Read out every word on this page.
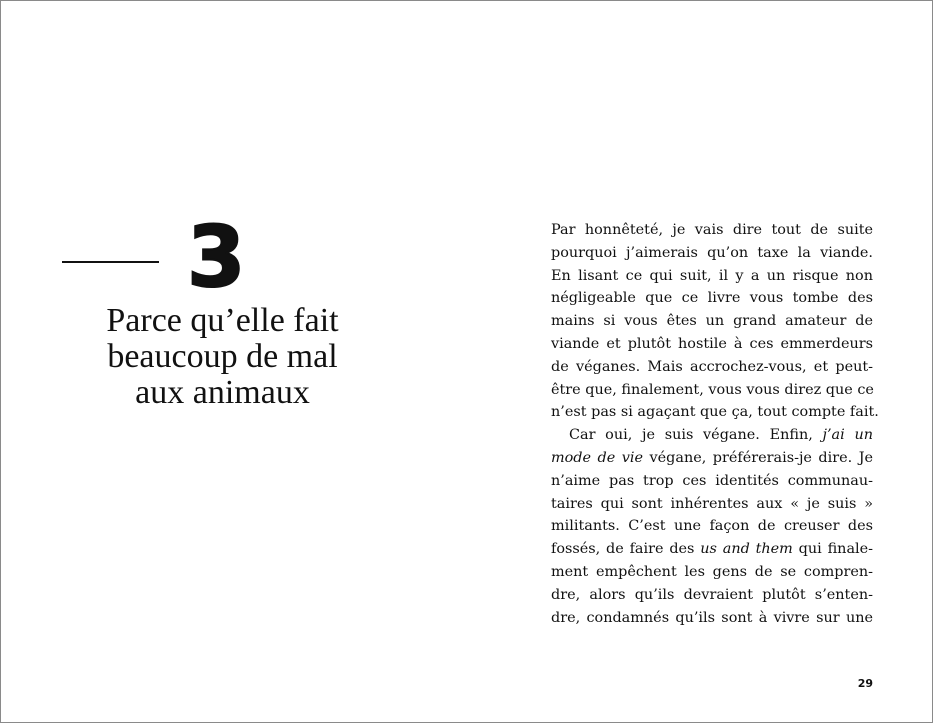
3
Parce qu’elle fait
beaucoup de mal
aux animaux
Par honnêteté, je vais dire tout de suite
pourquoi j’aimerais qu’on taxe la viande.
En lisant ce qui suit, il y a un risque non
négligeable que ce livre vous tombe des
mains si vous êtes un grand amateur de
viande et plutôt hostile à ces emmerdeurs
de véganes. Mais accrochez-vous, et peut-
être que, finalement, vous vous direz que ce
n’est pas si agaçant que ça, tout compte fait.
Car oui, je suis végane. Enfin, j’ai un
mode de vie végane, préférerais-je dire. Je
n’aime pas trop ces identités communau-
taires qui sont inhérentes aux « je suis »
militants. C’est une façon de creuser des
fossés, de faire des us and them qui finale-
ment empêchent les gens de se compren-
dre, alors qu’ils devraient plutôt s’enten-
dre, condamnés qu’ils sont à vivre sur une
29
